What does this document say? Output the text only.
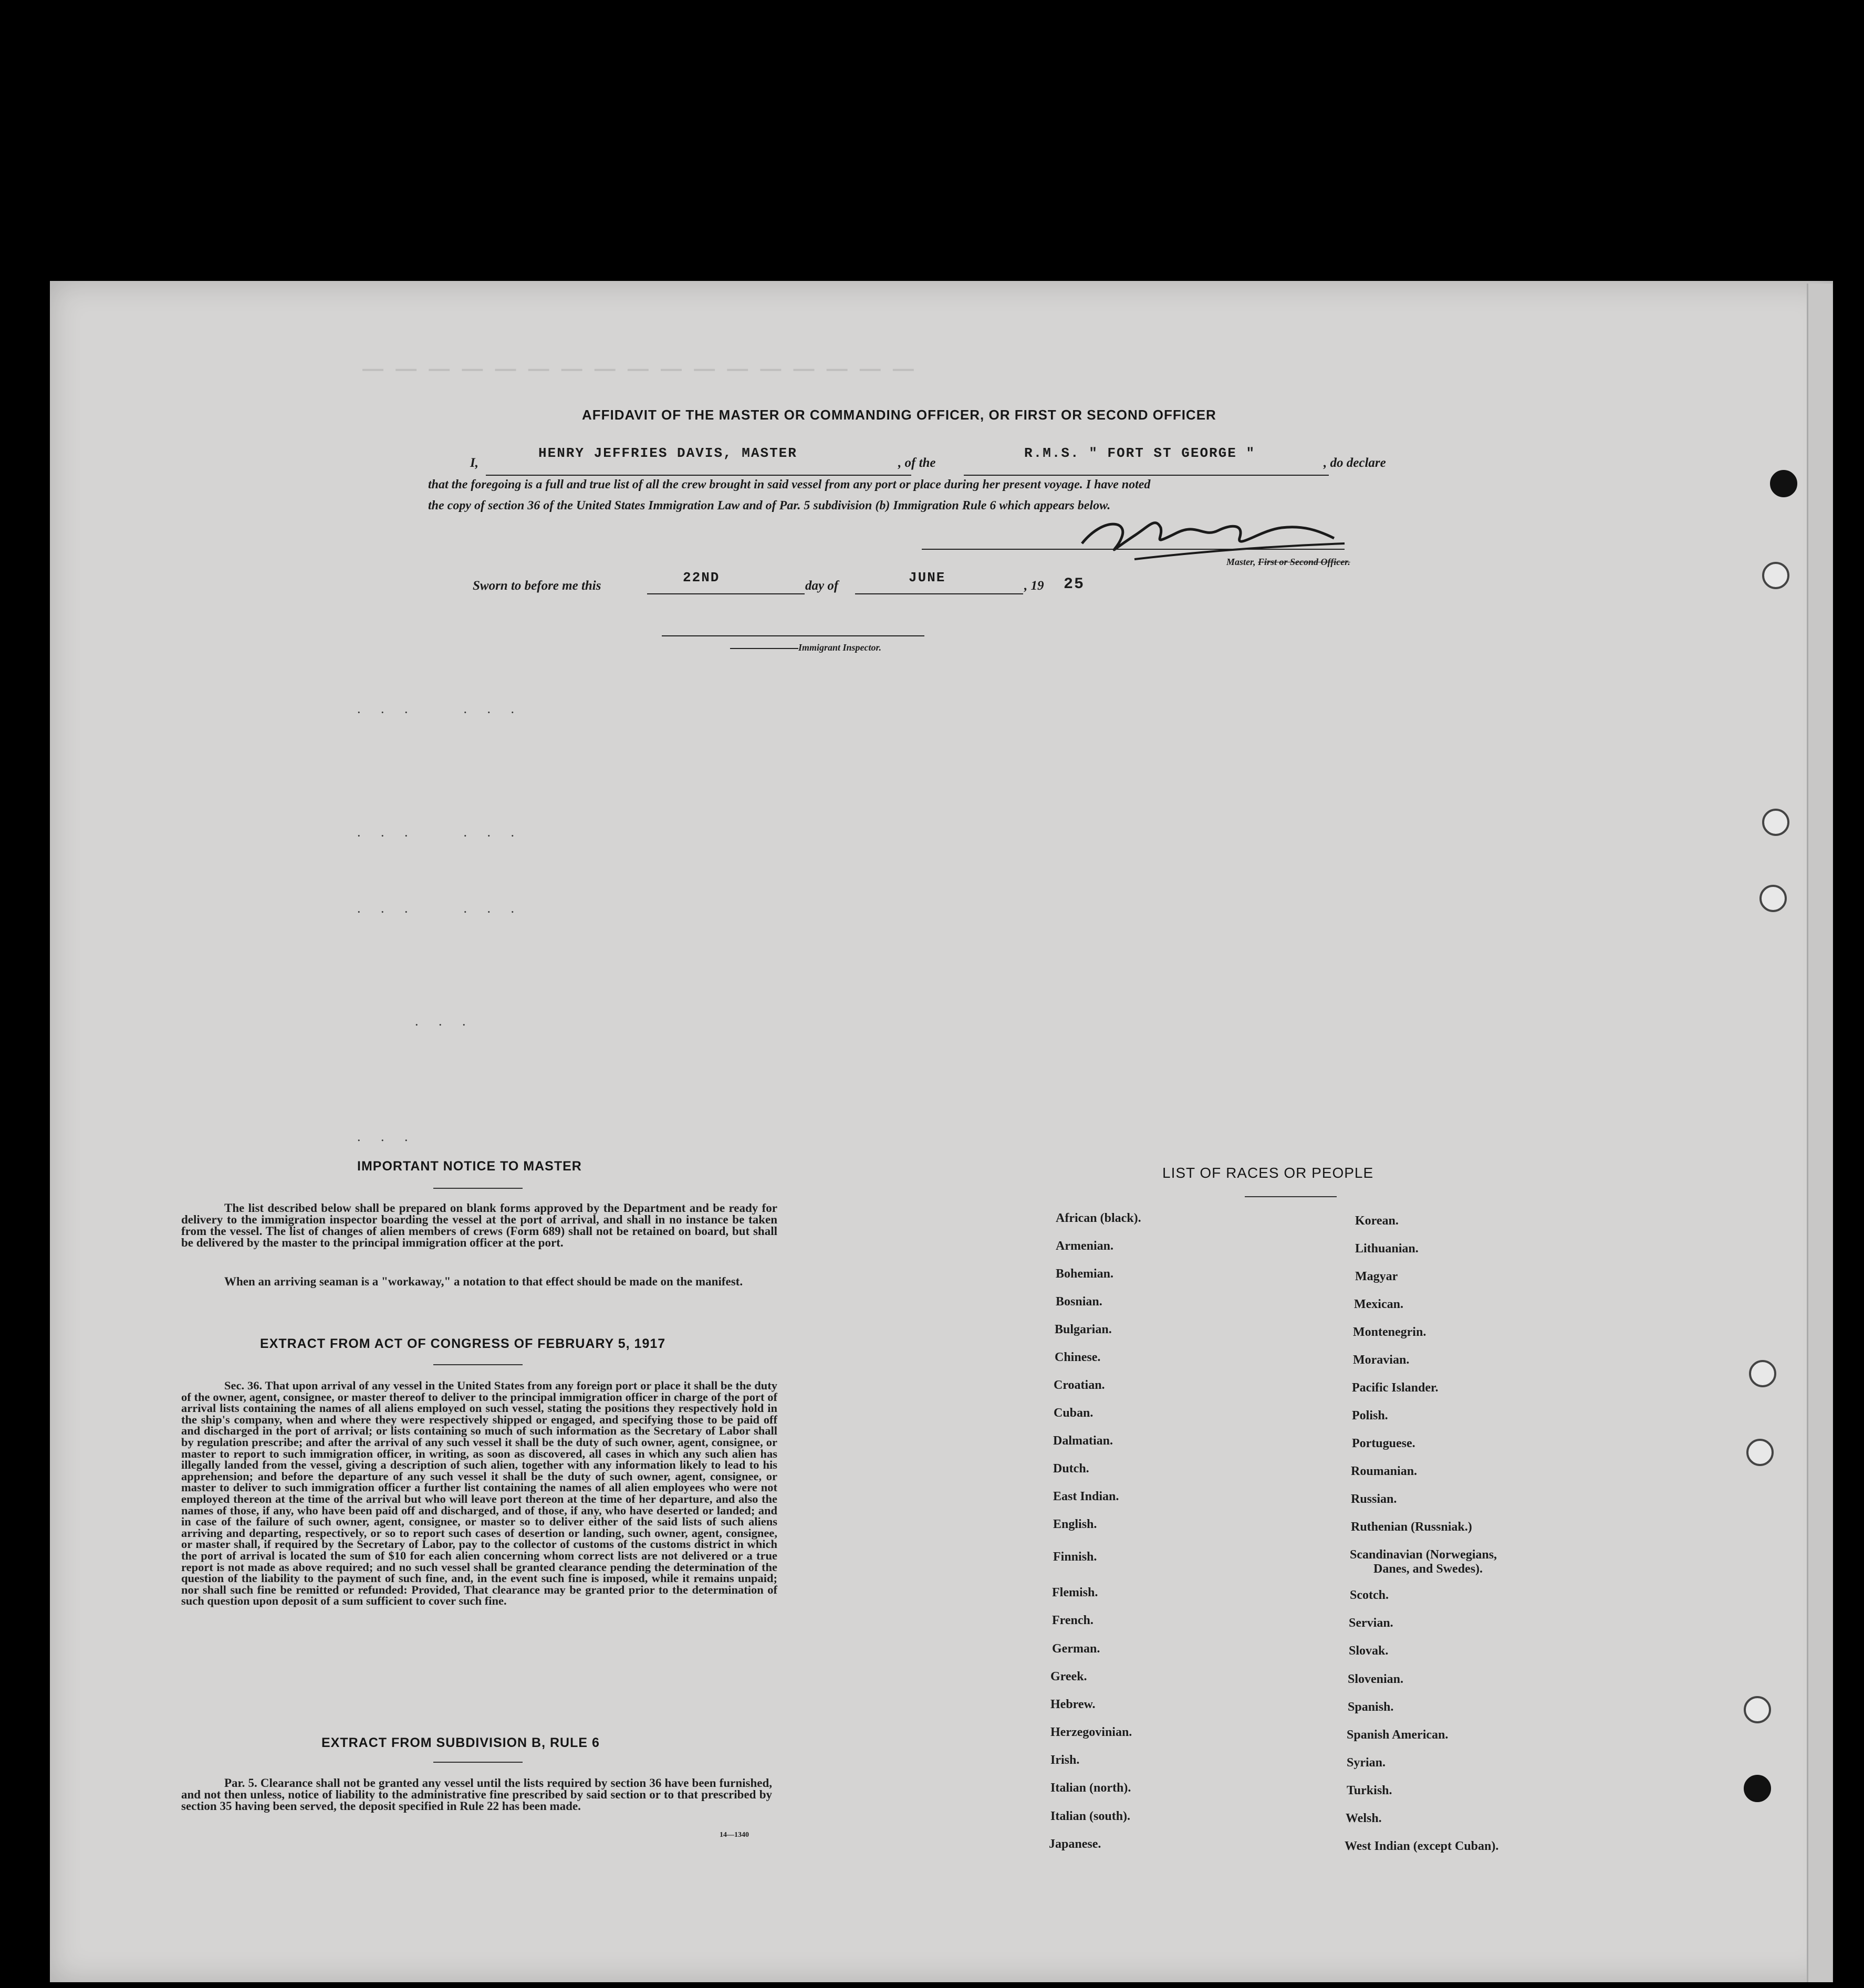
— — — — — — — — — — — — — — — — —
. . .    . . .
. . .    . . .
. . .    . . .
. . .
. . .
AFFIDAVIT OF THE MASTER OR COMMANDING OFFICER, OR FIRST OR SECOND OFFICER
I,
HENRY JEFFRIES DAVIS, MASTER
, of the
R.M.S. " FORT ST GEORGE "
, do declare
that the foregoing is a full and true list of all the crew brought in said vessel from any port or place during her present voyage. I have noted
the copy of section 36 of the United States Immigration Law and of Par. 5 subdivision (b) Immigration Rule 6 which appears below.
Master, First or Second Officer.
Sworn to before me this
22ND
day of
JUNE
, 19 25
Immigrant Inspector.
IMPORTANT NOTICE TO MASTER
The list described below shall be prepared on blank forms approved by the Department and be ready for delivery to the immigration inspector boarding the vessel at the port of arrival, and shall in no instance be taken from the vessel. The list of changes of alien members of crews (Form 689) shall not be retained on board, but shall be delivered by the master to the principal immigration officer at the port.
When an arriving seaman is a "workaway," a notation to that effect should be made on the manifest.
EXTRACT FROM ACT OF CONGRESS OF FEBRUARY 5, 1917
Sec. 36. That upon arrival of any vessel in the United States from any foreign port or place it shall be the duty of the owner, agent, consignee, or master thereof to deliver to the principal immigration officer in charge of the port of arrival lists containing the names of all aliens employed on such vessel, stating the positions they respectively hold in the ship's company, when and where they were respectively shipped or engaged, and specifying those to be paid off and discharged in the port of arrival; or lists containing so much of such information as the Secretary of Labor shall by regulation prescribe; and after the arrival of any such vessel it shall be the duty of such owner, agent, consignee, or master to report to such immigration officer, in writing, as soon as discovered, all cases in which any such alien has illegally landed from the vessel, giving a description of such alien, together with any information likely to lead to his apprehension; and before the departure of any such vessel it shall be the duty of such owner, agent, consignee, or master to deliver to such immigration officer a further list containing the names of all alien employees who were not employed thereon at the time of the arrival but who will leave port thereon at the time of her departure, and also the names of those, if any, who have been paid off and discharged, and of those, if any, who have deserted or landed; and in case of the failure of such owner, agent, consignee, or master so to deliver either of the said lists of such aliens arriving and departing, respectively, or so to report such cases of desertion or landing, such owner, agent, consignee, or master shall, if required by the Secretary of Labor, pay to the collector of customs of the customs district in which the port of arrival is located the sum of $10 for each alien concerning whom correct lists are not delivered or a true report is not made as above required; and no such vessel shall be granted clearance pending the determination of the question of the liability to the payment of such fine, and, in the event such fine is imposed, while it remains unpaid; nor shall such fine be remitted or refunded: Provided, That clearance may be granted prior to the determination of such question upon deposit of a sum sufficient to cover such fine.
EXTRACT FROM SUBDIVISION B, RULE 6
Par. 5. Clearance shall not be granted any vessel until the lists required by section 36 have been furnished, and not then unless, notice of liability to the administrative fine prescribed by said section or to that prescribed by section 35 having been served, the deposit specified in Rule 22 has been made.
14—1340
LIST OF RACES OR PEOPLE
African (black).
Armenian.
Bohemian.
Bosnian.
Bulgarian.
Chinese.
Croatian.
Cuban.
Dalmatian.
Dutch.
East Indian.
English.
Finnish.
Flemish.
French.
German.
Greek.
Hebrew.
Herzegovinian.
Irish.
Italian (north).
Italian (south).
Japanese.
Korean.
Lithuanian.
Magyar
Mexican.
Montenegrin.
Moravian.
Pacific Islander.
Polish.
Portuguese.
Roumanian.
Russian.
Ruthenian (Russniak.)
Scandinavian (Norwegians,
Danes, and Swedes).
Scotch.
Servian.
Slovak.
Slovenian.
Spanish.
Spanish American.
Syrian.
Turkish.
Welsh.
West Indian (except Cuban).
